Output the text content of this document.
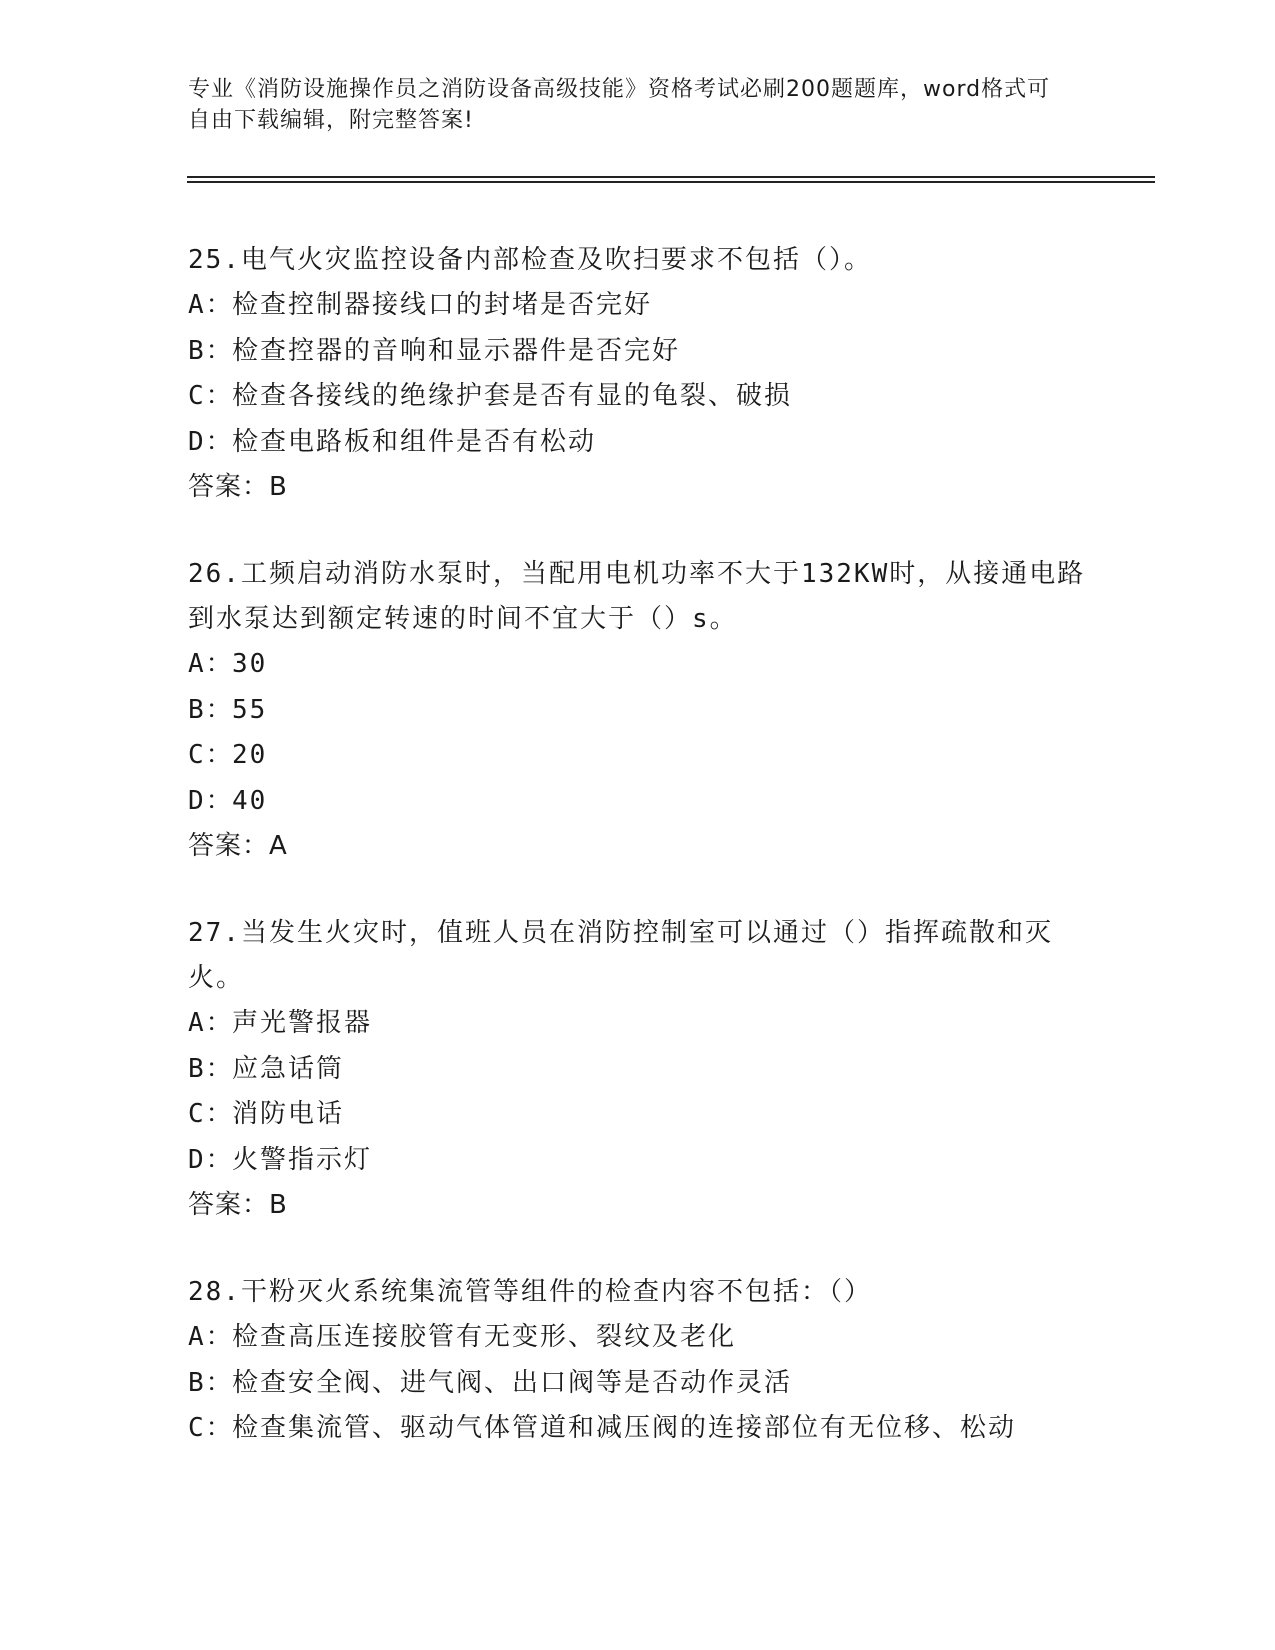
专业《消防设施操作员之消防设备高级技能》资格考试必刷200题题库，word格式可自由下载编辑，附完整答案!
25.电气火灾监控设备内部检查及吹扫要求不包括（）。
A：检查控制器接线口的封堵是否完好
B：检查控器的音响和显示器件是否完好
C：检查各接线的绝缘护套是否有显的龟裂、破损
D：检查电路板和组件是否有松动
答案：B
26.工频启动消防水泵时，当配用电机功率不大于132KW时，从接通电路到水泵达到额定转速的时间不宜大于（）s。
A：30
B：55
C：20
D：40
答案：A
27.当发生火灾时，值班人员在消防控制室可以通过（）指挥疏散和灭火。
A：声光警报器
B：应急话筒
C：消防电话
D：火警指示灯
答案：B
28.干粉灭火系统集流管等组件的检查内容不包括：（）
A：检查高压连接胶管有无变形、裂纹及老化
B：检查安全阀、进气阀、出口阀等是否动作灵活
C：检查集流管、驱动气体管道和减压阀的连接部位有无位移、松动
